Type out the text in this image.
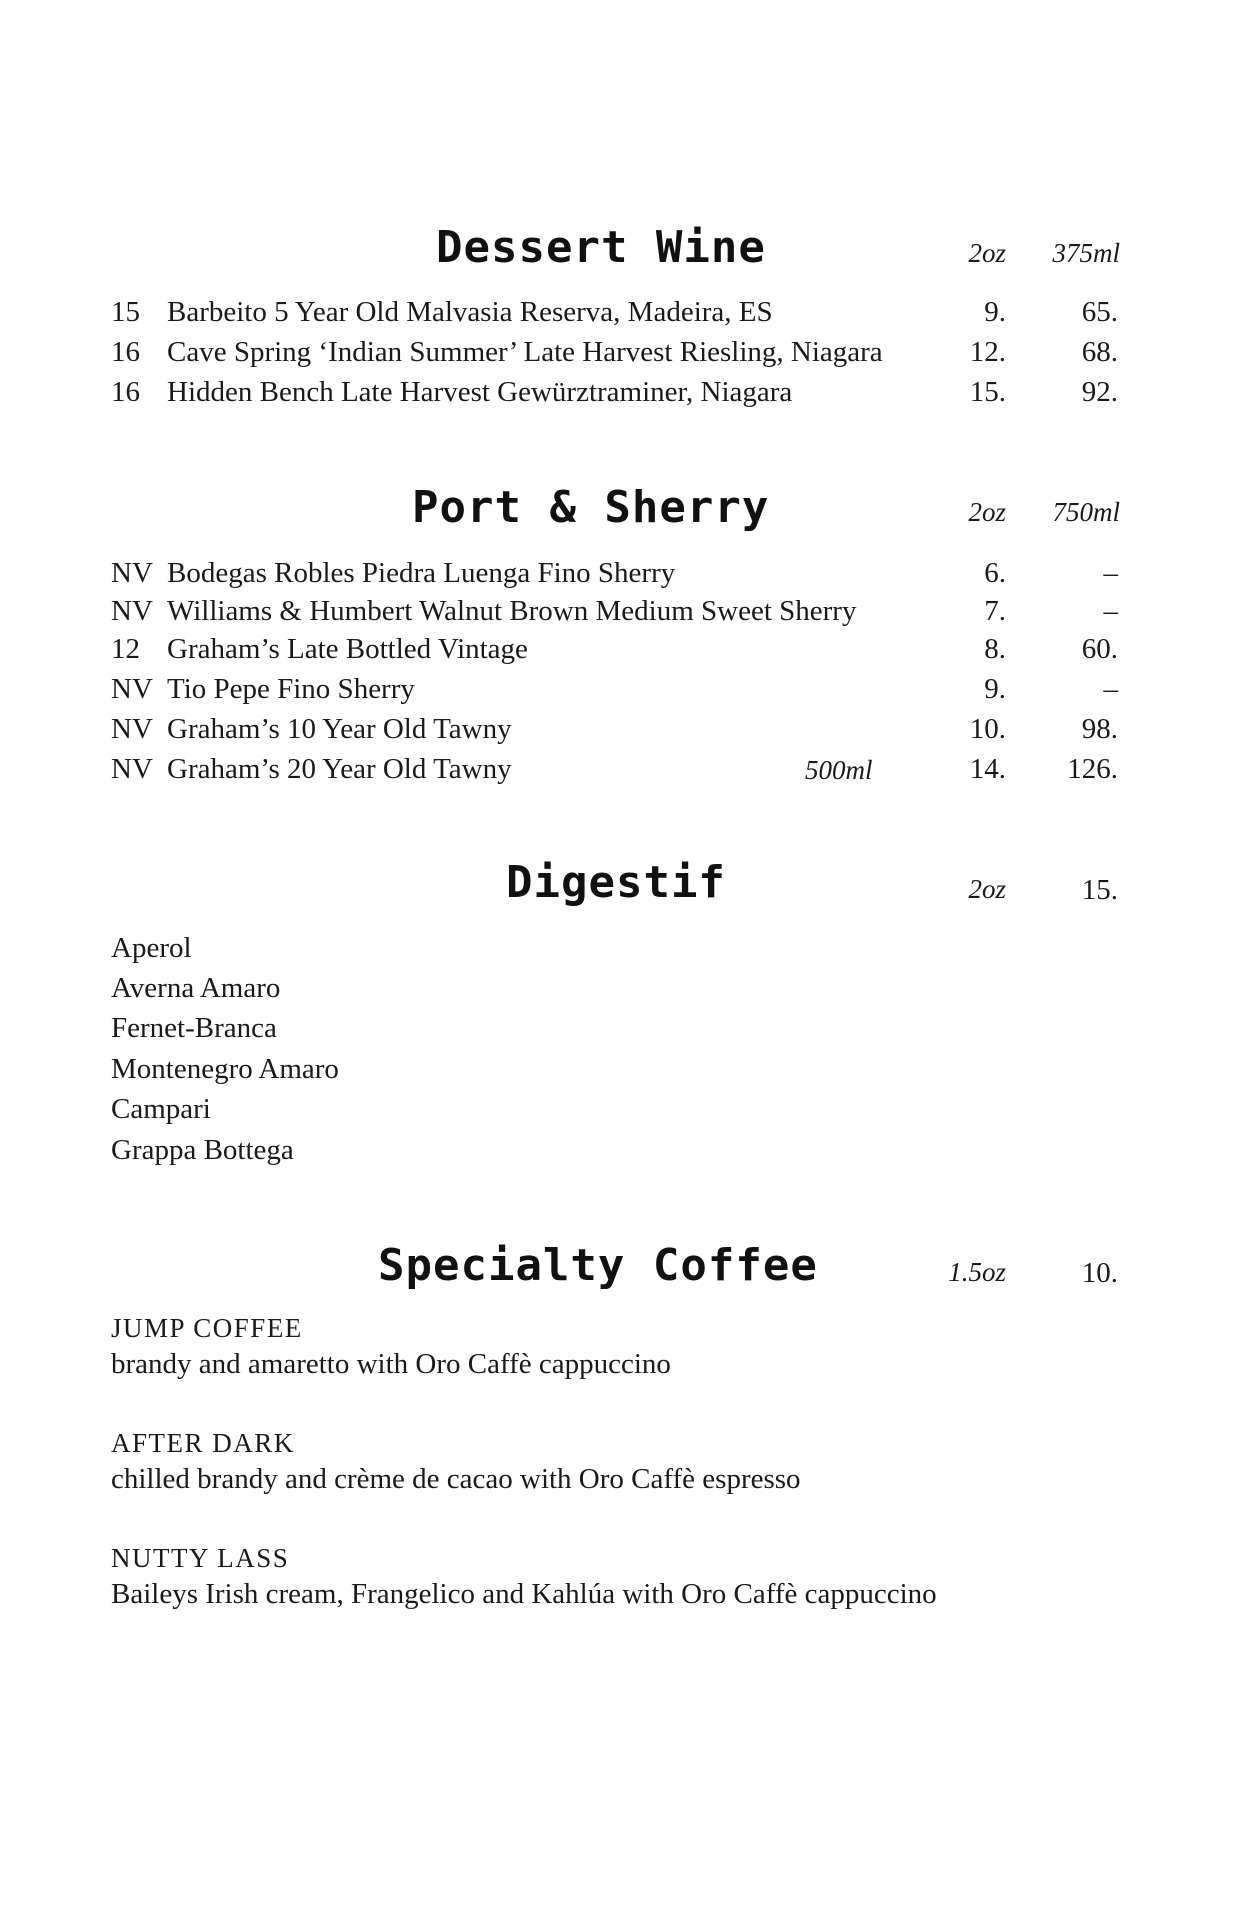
Dessert Wine	2oz 375ml
15 Barbeito 5 Year Old Malvasia Reserva, Madeira, ES	9.	65.
16 Cave Spring ‘Indian Summer’ Late Harvest Riesling, Niagara	12.	68.
16 Hidden Bench Late Harvest Gewürztraminer, Niagara	15.	92.
Port & Sherry	2oz 750ml
NV Bodegas Robles Piedra Luenga Fino Sherry	6.	–
NV Williams & Humbert Walnut Brown Medium Sweet Sherry	7.	–
12 Graham’s Late Bottled Vintage	8.	60.
NV Tio Pepe Fino Sherry	9.	–
NV Graham’s 10 Year Old Tawny	10.	98.
NV Graham’s 20 Year Old Tawny	500ml	14. 126.
Digestif	2oz	15.
Aperol
Averna Amaro
Fernet-Branca
Montenegro Amaro
Campari
Grappa Bottega
Specialty Coffee	1.5oz	10.
JUMP COFFEE
brandy and amaretto with Oro Caffè cappuccino
AFTER DARK
chilled brandy and crème de cacao with Oro Caffè espresso
NUTTY LASS
Baileys Irish cream, Frangelico and Kahlúa with Oro Caffè cappuccino
